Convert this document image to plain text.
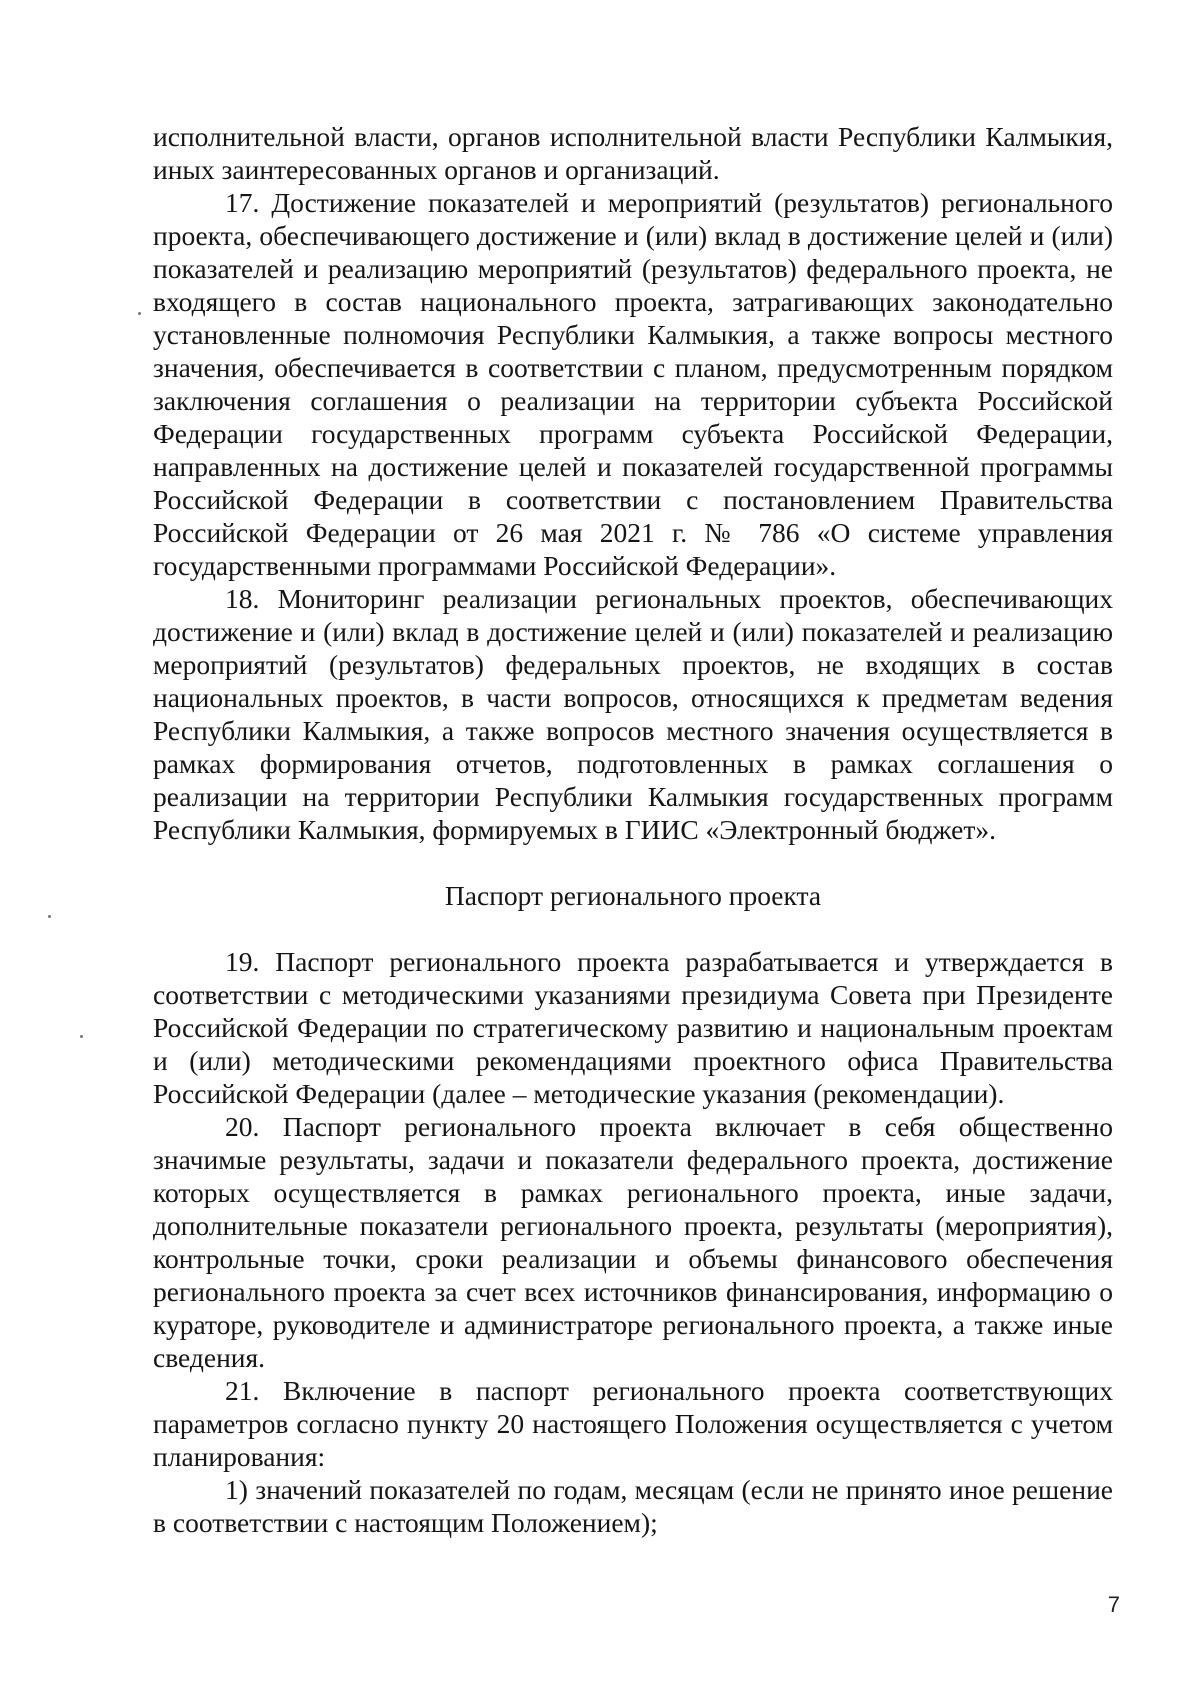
исполнительной власти, органов исполнительной власти Республики Калмыкия, иных заинтересованных органов и организаций.

17. Достижение показателей и мероприятий (результатов) регионального проекта, обеспечивающего достижение и (или) вклад в достижение целей и (или) показателей и реализацию мероприятий (результатов) федерального проекта, не входящего в состав национального проекта, затрагивающих законодательно установленные полномочия Республики Калмыкия, а также вопросы местного значения, обеспечивается в соответствии с планом, предусмотренным порядком заключения соглашения о реализации на территории субъекта Российской Федерации государственных программ субъекта Российской Федерации, направленных на достижение целей и показателей государственной программы Российской Федерации в соответствии с постановлением Правительства Российской Федерации от 26 мая 2021 г. № 786 «О системе управления государственными программами Российской Федерации».

18. Мониторинг реализации региональных проектов, обеспечивающих достижение и (или) вклад в достижение целей и (или) показателей и реализацию мероприятий (результатов) федеральных проектов, не входящих в состав национальных проектов, в части вопросов, относящихся к предметам ведения Республики Калмыкия, а также вопросов местного значения осуществляется в рамках формирования отчетов, подготовленных в рамках соглашения о реализации на территории Республики Калмыкия государственных программ Республики Калмыкия, формируемых в ГИИС «Электронный бюджет».

Паспорт регионального проекта

19. Паспорт регионального проекта разрабатывается и утверждается в соответствии с методическими указаниями президиума Совета при Президенте Российской Федерации по стратегическому развитию и национальным проектам и (или) методическими рекомендациями проектного офиса Правительства Российской Федерации (далее – методические указания (рекомендации).

20. Паспорт регионального проекта включает в себя общественно значимые результаты, задачи и показатели федерального проекта, достижение которых осуществляется в рамках регионального проекта, иные задачи, дополнительные показатели регионального проекта, результаты (мероприятия), контрольные точки, сроки реализации и объемы финансового обеспечения регионального проекта за счет всех источников финансирования, информацию о кураторе, руководителе и администраторе регионального проекта, а также иные сведения.

21. Включение в паспорт регионального проекта соответствующих параметров согласно пункту 20 настоящего Положения осуществляется с учетом планирования:

1) значений показателей по годам, месяцам (если не принято иное решение в соответствии с настоящим Положением);

7
